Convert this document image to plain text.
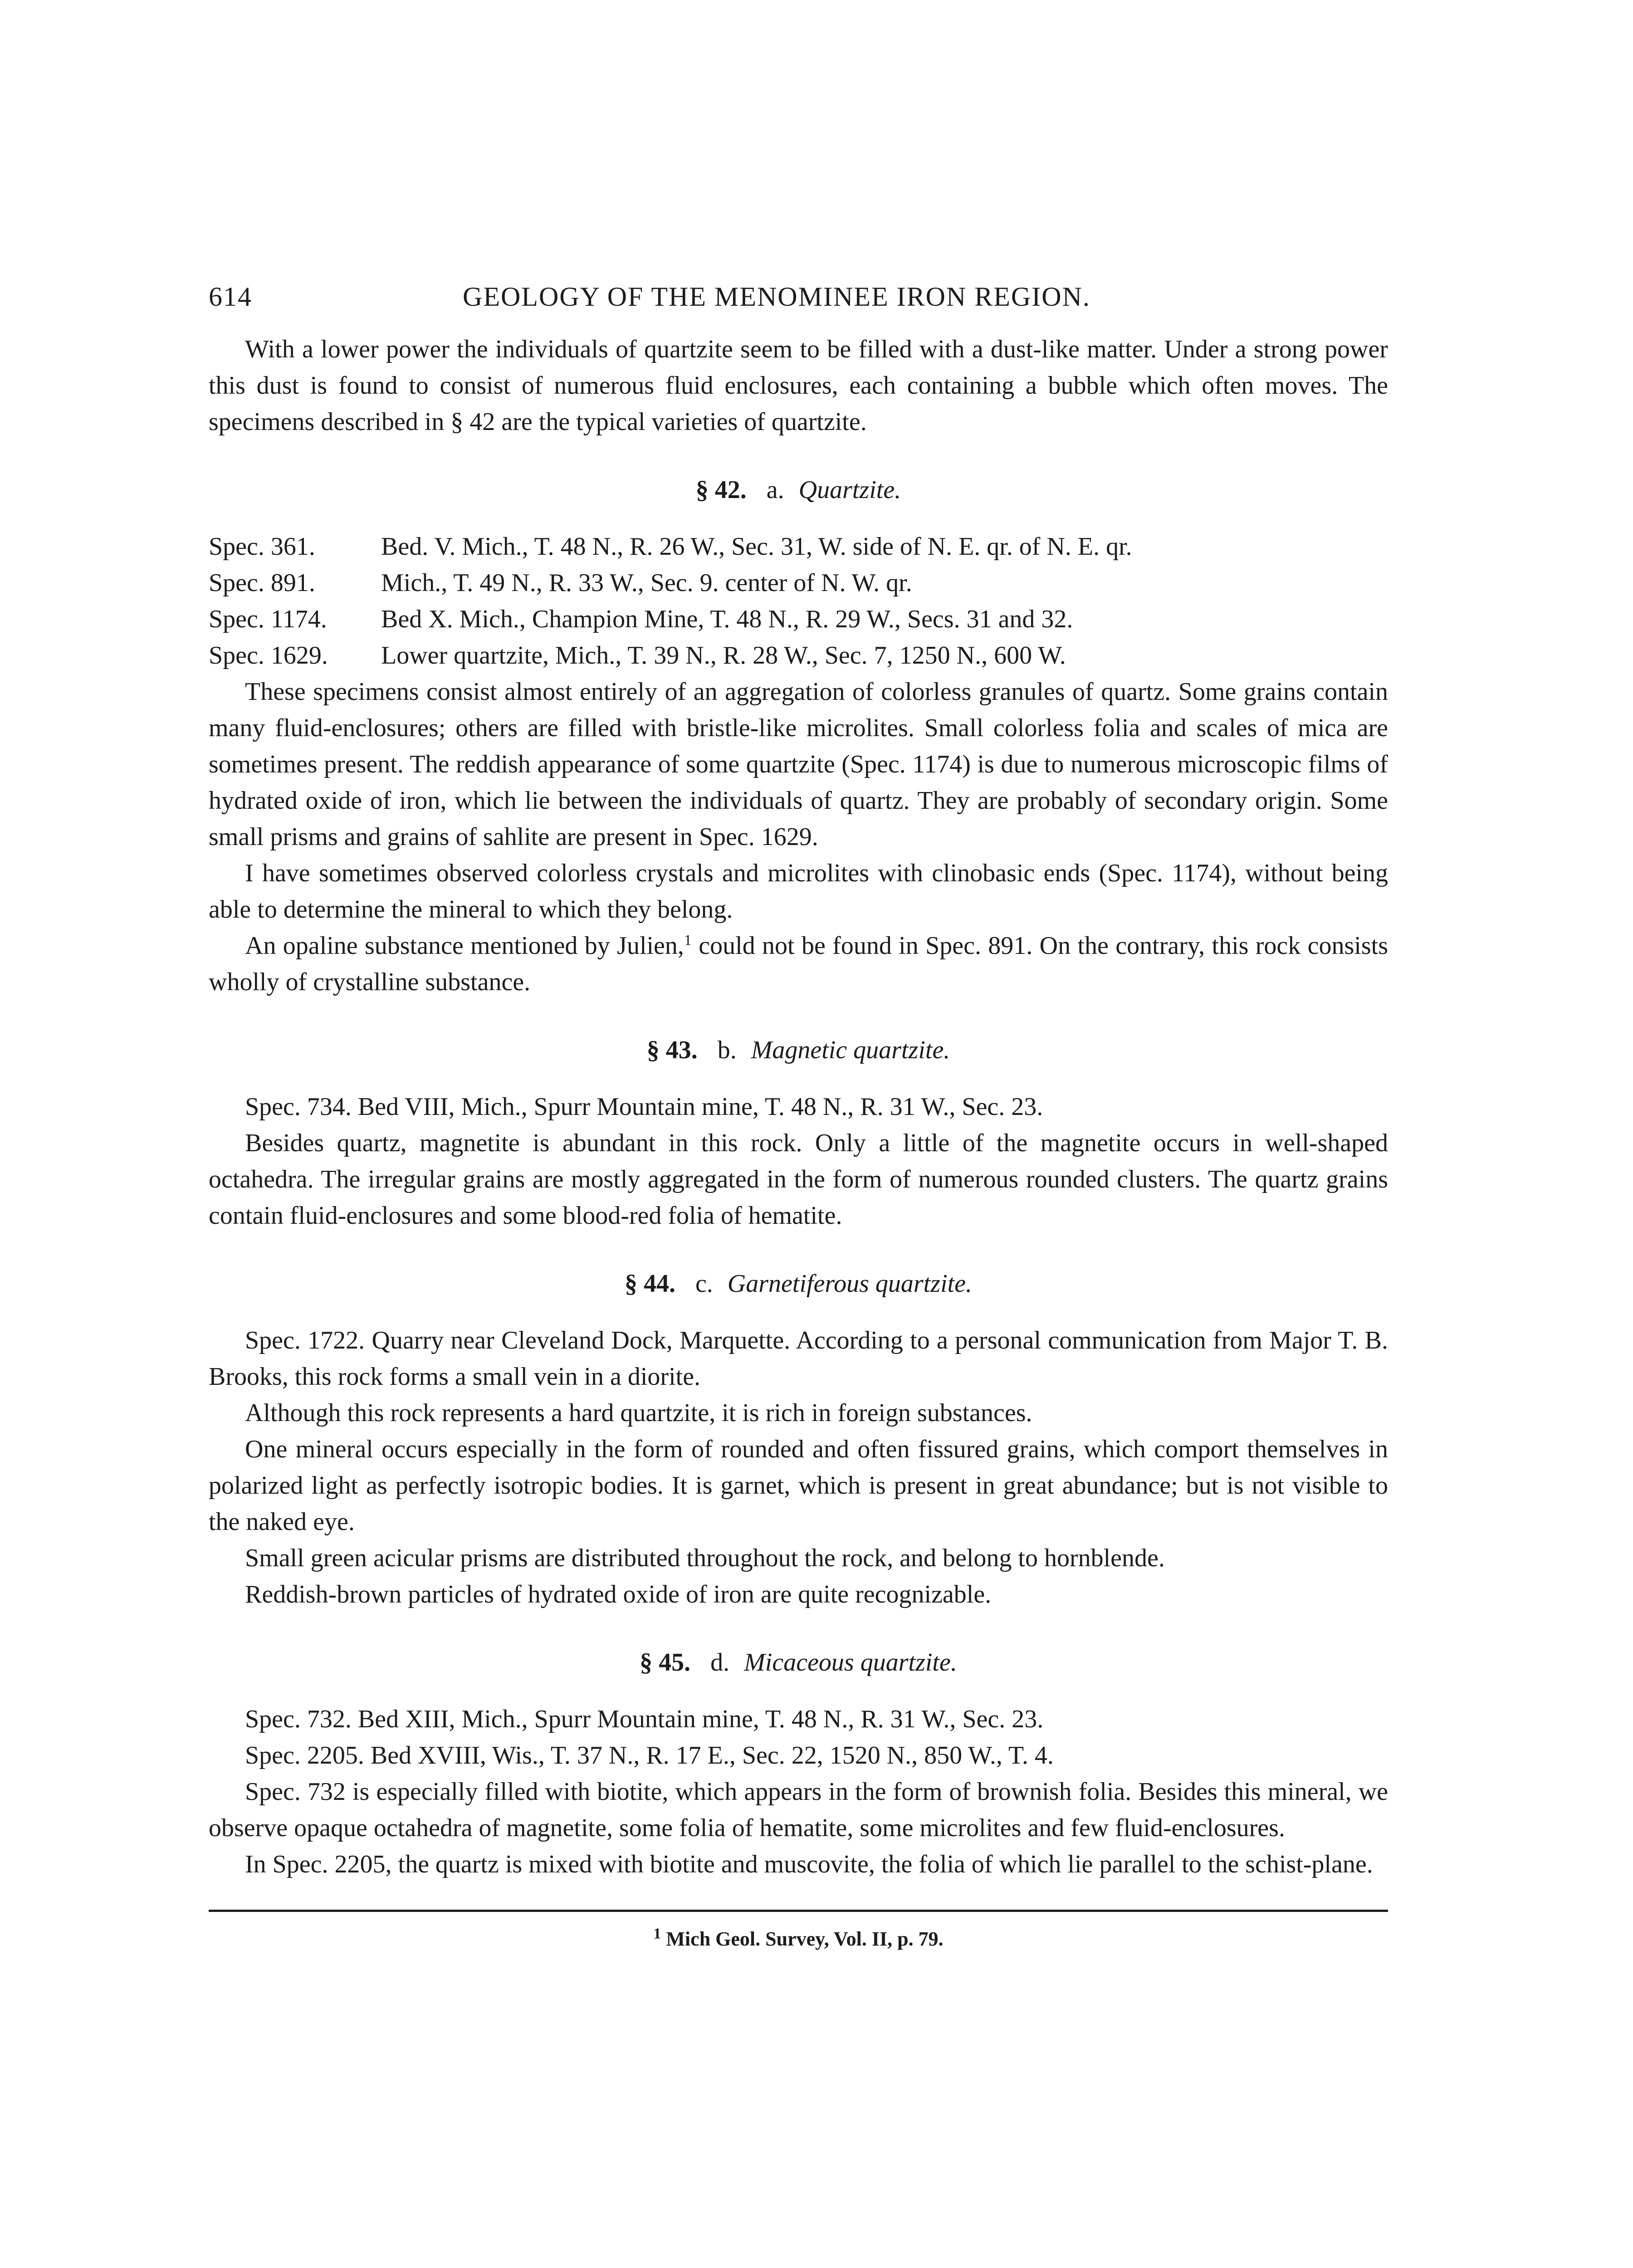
614	GEOLOGY OF THE MENOMINEE IRON REGION.

With a lower power the individuals of quartzite seem to be filled with a dust-like matter. Under a strong power this dust is found to consist of numerous fluid enclosures, each containing a bubble which often moves. The specimens described in § 42 are the typical varieties of quartzite.

§ 42. a. Quartzite.
Spec. 361.	Bed. V. Mich., T. 48 N., R. 26 W., Sec. 31, W. side of N. E. qr. of N. E. qr.
Spec. 891.	Mich., T. 49 N., R. 33 W., Sec. 9. center of N. W. qr.
Spec. 1174.	Bed X. Mich., Champion Mine, T. 48 N., R. 29 W., Secs. 31 and 32.
Spec. 1629.	Lower quartzite, Mich., T. 39 N., R. 28 W., Sec. 7, 1250 N., 600 W.

These specimens consist almost entirely of an aggregation of colorless granules of quartz. Some grains contain many fluid-enclosures; others are filled with bristle-like microlites. Small colorless folia and scales of mica are sometimes present. The reddish appearance of some quartzite (Spec. 1174) is due to numerous microscopic films of hydrated oxide of iron, which lie between the individuals of quartz. They are probably of secondary origin. Some small prisms and grains of sahlite are present in Spec. 1629.

I have sometimes observed colorless crystals and microlites with clinobasic ends (Spec. 1174), without being able to determine the mineral to which they belong.

An opaline substance mentioned by Julien,$^1$ could not be found in Spec. 891. On the contrary, this rock consists wholly of crystalline substance.

§ 43. b. Magnetic quartzite.

Spec. 734. Bed VIII, Mich., Spurr Mountain mine, T. 48 N., R. 31 W., Sec. 23.

Besides quartz, magnetite is abundant in this rock. Only a little of the magnetite occurs in well-shaped octahedra. The irregular grains are mostly aggregated in the form of numerous rounded clusters. The quartz grains contain fluid-enclosures and some blood-red folia of hematite.

§ 44. c. Garnetiferous quartzite.

Spec. 1722. Quarry near Cleveland Dock, Marquette. According to a personal communication from Major T. B. Brooks, this rock forms a small vein in a diorite.

Although this rock represents a hard quartzite, it is rich in foreign substances.

One mineral occurs especially in the form of rounded and often fissured grains, which comport themselves in polarized light as perfectly isotropic bodies. It is garnet, which is present in great abundance; but is not visible to the naked eye.

Small green acicular prisms are distributed throughout the rock, and belong to hornblende.

Reddish-brown particles of hydrated oxide of iron are quite recognizable.

§ 45. d. Micaceous quartzite.

Spec. 732. Bed XIII, Mich., Spurr Mountain mine, T. 48 N., R. 31 W., Sec. 23.

Spec. 2205. Bed XVIII, Wis., T. 37 N., R. 17 E., Sec. 22, 1520 N., 850 W., T. 4.

Spec. 732 is especially filled with biotite, which appears in the form of brownish folia. Besides this mineral, we observe opaque octahedra of magnetite, some folia of hematite, some microlites and few fluid-enclosures.

In Spec. 2205, the quartz is mixed with biotite and muscovite, the folia of which lie parallel to the schist-plane.

$^1$ Mich Geol. Survey, Vol. II, p. 79.
